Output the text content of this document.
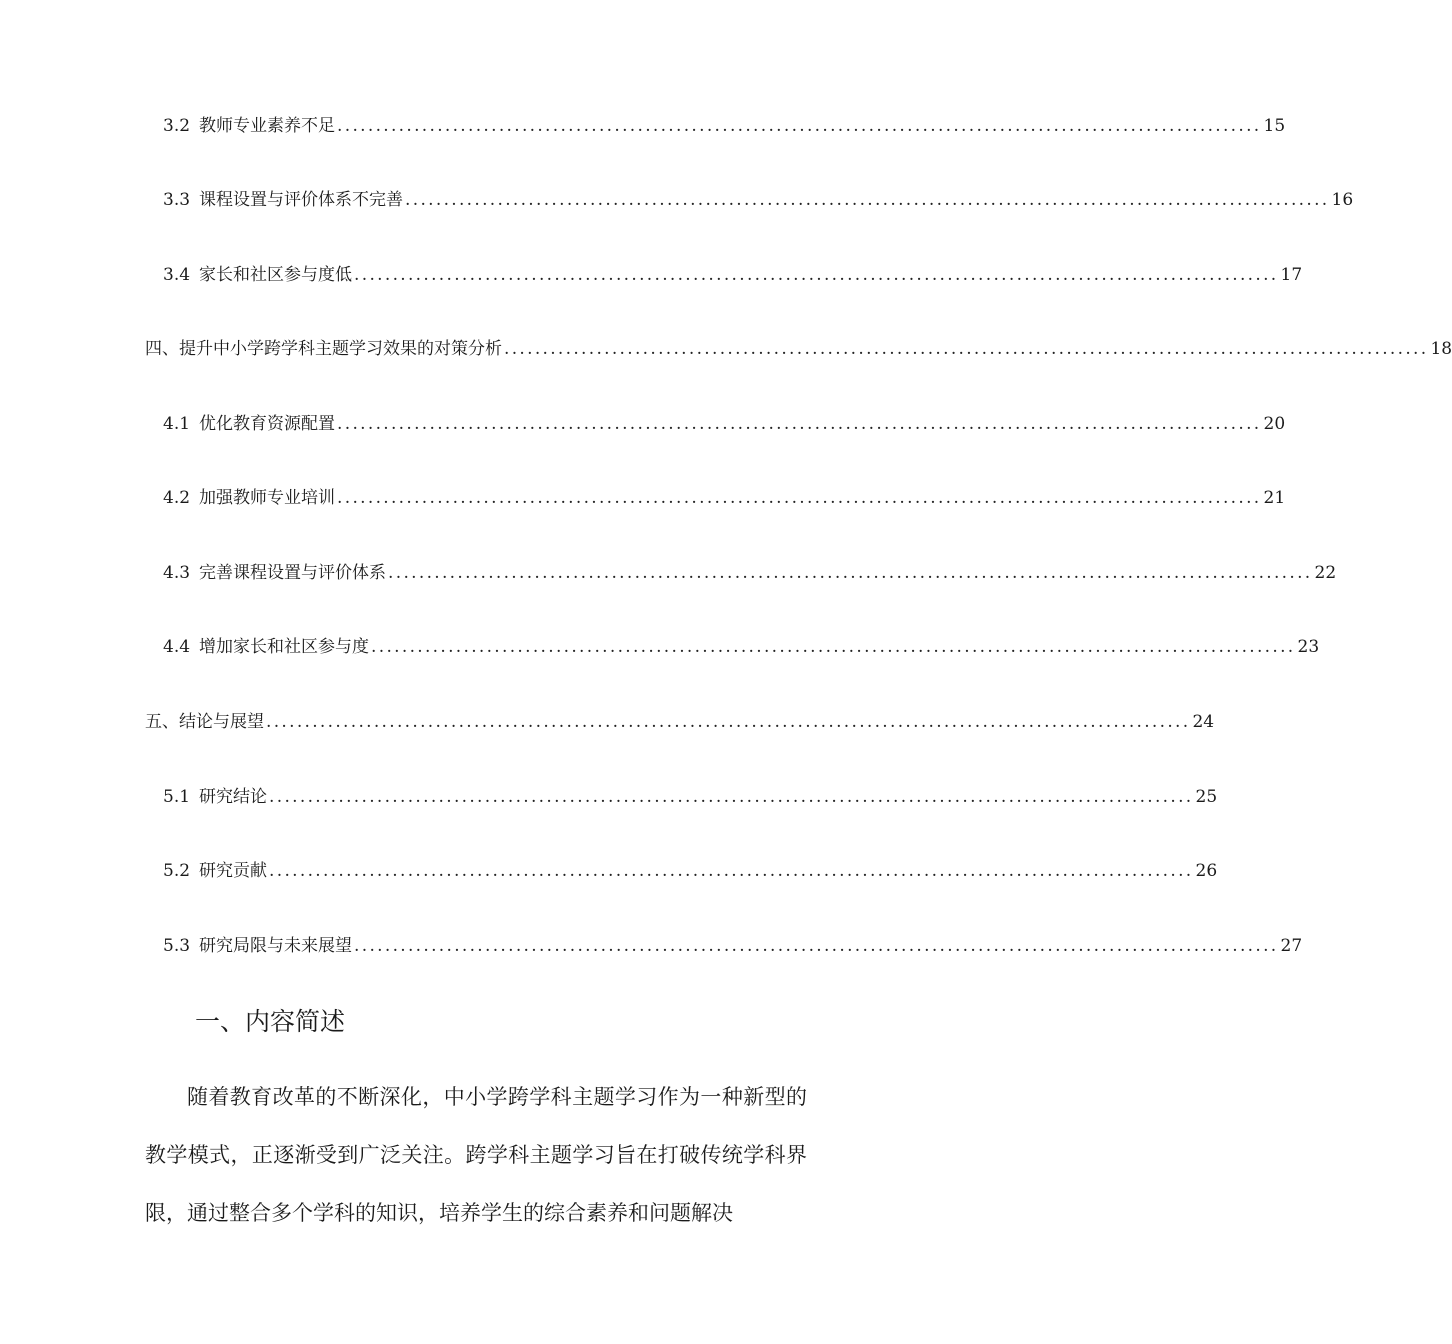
3.2 教师专业素养不足 ........................................................................................................................ 15
3.3 课程设置与评价体系不完善 ........................................................................................................................ 16
3.4 家长和社区参与度低 ........................................................................................................................ 17
四、提升中小学跨学科主题学习效果的对策分析 ........................................................................................................................ 18
4.1 优化教育资源配置 ........................................................................................................................ 20
4.2 加强教师专业培训 ........................................................................................................................ 21
4.3 完善课程设置与评价体系 ........................................................................................................................ 22
4.4 增加家长和社区参与度 ........................................................................................................................ 23
五、结论与展望 ........................................................................................................................ 24
5.1 研究结论 ........................................................................................................................ 25
5.2 研究贡献 ........................................................................................................................ 26
5.3 研究局限与未来展望 ........................................................................................................................ 27
一、内容简述

随着教育改革的不断深化，中小学跨学科主题学习作为一种新型的教学模式，正逐渐受到广泛关注。跨学科主题学习旨在打破传统学科界限，通过整合多个学科的知识，培养学生的综合素养和问题解决
